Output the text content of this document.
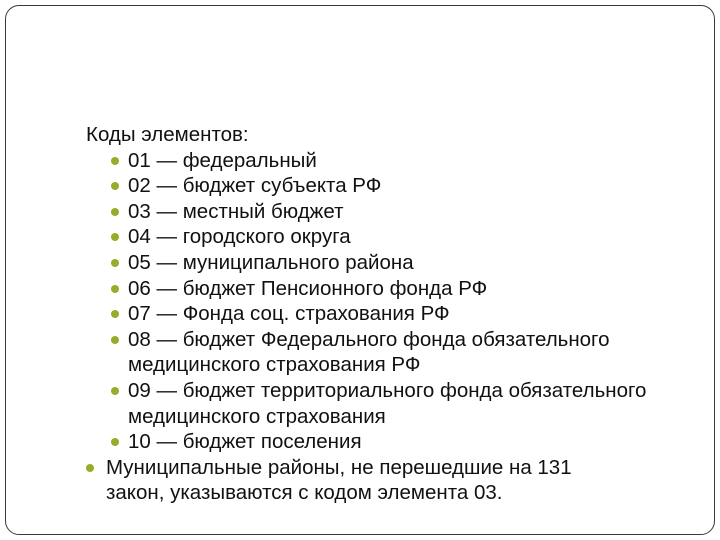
Коды элементов:

01 — федеральный
02 — бюджет субъекта РФ
03 — местный бюджет
04 — городского округа
05 — муниципального района
06 — бюджет Пенсионного фонда РФ
07 — Фонда соц. страхования РФ
08 — бюджет Федерального фонда обязательного медицинского страхования РФ
09 — бюджет территориального фонда обязательного медицинского страхования
10 — бюджет поселения
Муниципальные районы, не перешедшие на 131 закон, указываются с кодом элемента 03.
